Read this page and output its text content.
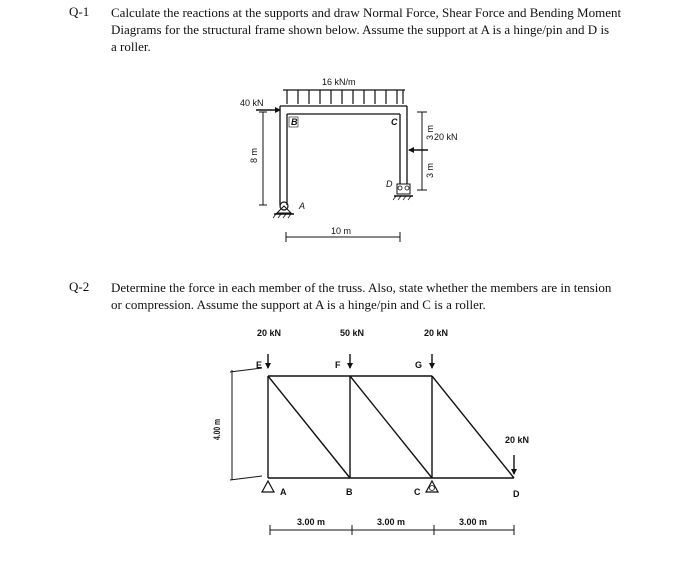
Q-1 Calculate the reactions at the supports and draw Normal Force, Shear Force and Bending Moment
Diagrams for the structural frame shown below. Assume the support at A is a hinge/pin and D is
a roller.
Q-2 Determine the force in each member of the truss. Also, state whether the members are in tension
or compression. Assume the support at A is a hinge/pin and C is a roller.
16 kN/m
40 kN
B	C
D
A
8 m
3 m
3 m
20 kN
10 m
20 kN	50 kN	20 kN
E	F	G
20 kN
A	B	C	D
4.00 m
3.00 m	3.00 m	3.00 m
